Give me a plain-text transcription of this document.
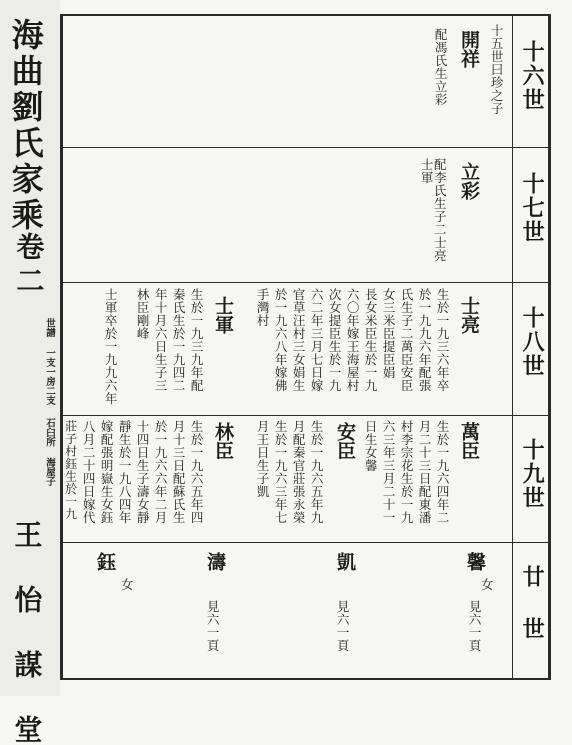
海曲劉氏家乘
卷二
世譜 一支一房二支
石臼所 海屋子
王 怡 謀 堂
十六世
十七世
十八世
十九世
廿 世
十五世曰珍之子
開祥
配馮氏生立彩
立彩
配李氏生子二士亮 士軍
士亮
生於一九三六年卒
於一九九六年配張
氏生子二萬臣安臣
女三米臣提臣娟
長女米臣生於一九
六〇年嫁王海屋村
次女提臣生於一九
六二年三月七日嫁
官草汪村三女娟生
於一九六八年嫁佛
手灣村
士軍
生於一九三九年配
秦氏生於一九四二
年十月六日生子三
林臣剛峰
士軍卒於一九九六年
萬臣
生於一九六四年二
月二十三日配東潘
村李宗花生於一九
六三年三月二十一
日生女馨
安臣
生於一九六五年九
月配秦官莊張永榮
生於一九六三年七
月王日生子凱
林臣
生於一九六五年四
月十三日配蘇氏生
於一九六六年二月
十四日生子濤女靜
靜生於一九八四年
嫁配張明嶽生女鈺
八月二十四日嫁代
莊子村鈺生於一九
馨
女
見六一頁
凱
見六一頁
濤
見六一頁
鈺
女
